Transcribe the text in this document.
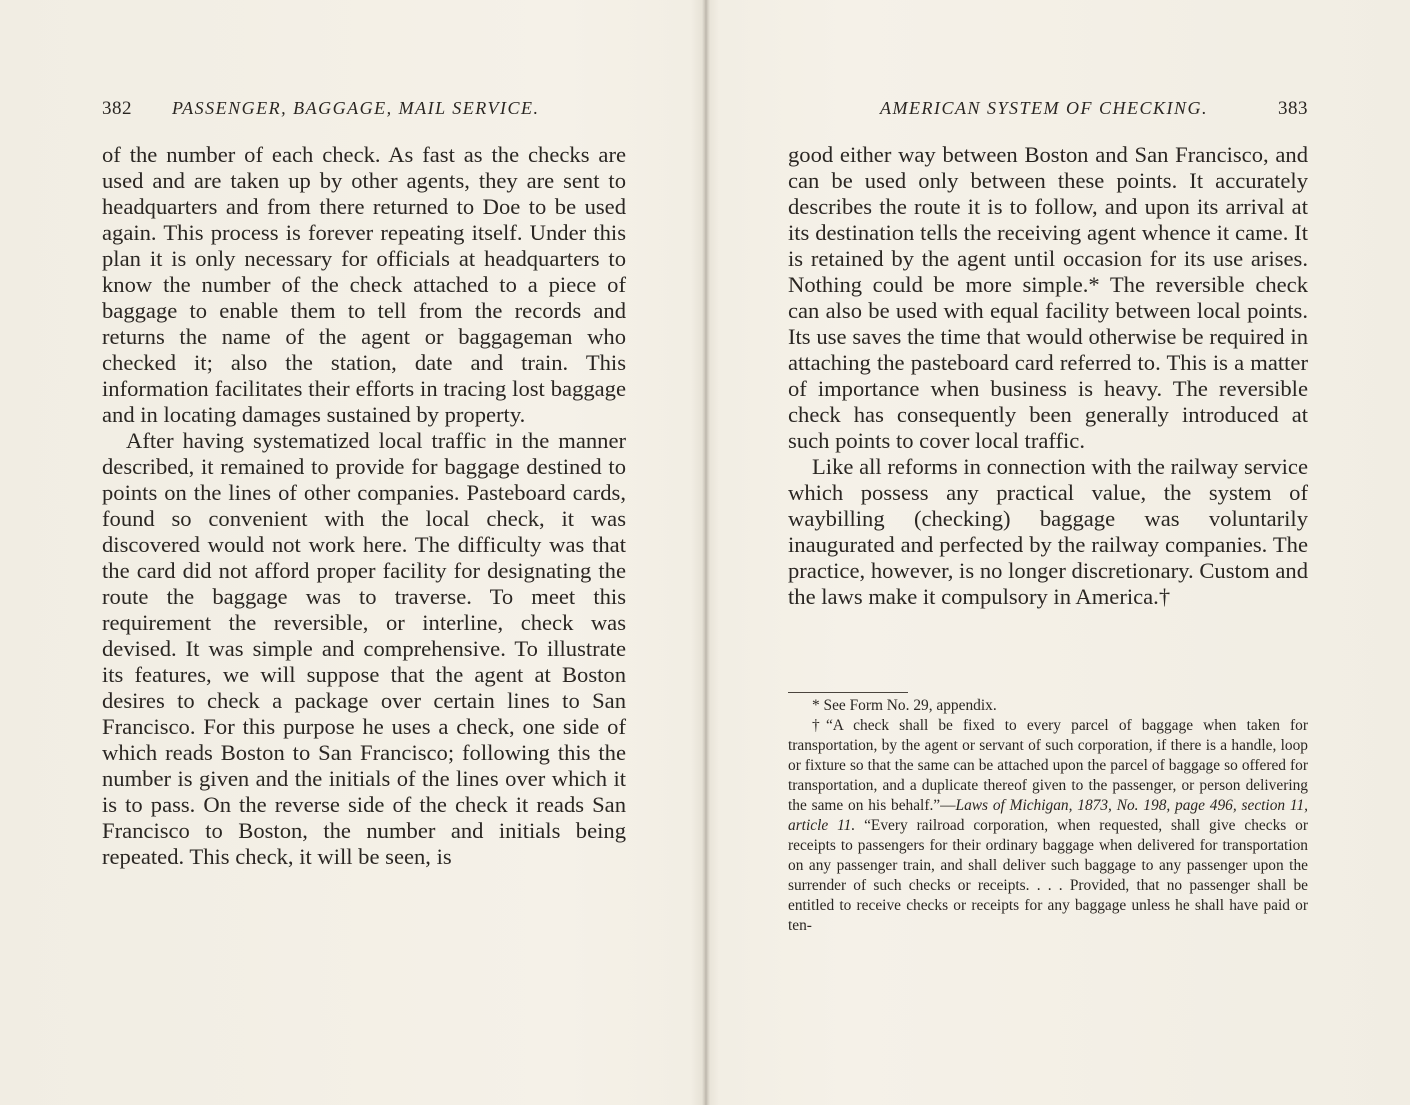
382 PASSENGER, BAGGAGE, MAIL SERVICE.

of the number of each check. As fast as the checks are used and are taken up by other agents, they are sent to headquarters and from there returned to Doe to be used again. This process is forever repeating itself. Under this plan it is only necessary for officials at headquarters to know the number of the check attached to a piece of baggage to enable them to tell from the records and returns the name of the agent or baggageman who checked it; also the station, date and train. This information facilitates their efforts in tracing lost baggage and in locating damages sustained by property.

After having systematized local traffic in the manner described, it remained to provide for baggage destined to points on the lines of other companies. Pasteboard cards, found so convenient with the local check, it was discovered would not work here. The difficulty was that the card did not afford proper facility for designating the route the baggage was to traverse. To meet this requirement the reversible, or interline, check was devised. It was simple and comprehensive. To illustrate its features, we will suppose that the agent at Boston desires to check a package over certain lines to San Francisco. For this purpose he uses a check, one side of which reads Boston to San Francisco; following this the number is given and the initials of the lines over which it is to pass. On the reverse side of the check it reads San Francisco to Boston, the number and initials being repeated. This check, it will be seen, is

AMERICAN SYSTEM OF CHECKING.	383

good either way between Boston and San Francisco, and can be used only between these points. It accurately describes the route it is to follow, and upon its arrival at its destination tells the receiving agent whence it came. It is retained by the agent until occasion for its use arises. Nothing could be more simple.* The reversible check can also be used with equal facility between local points. Its use saves the time that would otherwise be required in attaching the pasteboard card referred to. This is a matter of importance when business is heavy. The reversible check has consequently been generally introduced at such points to cover local traffic.

Like all reforms in connection with the railway service which possess any practical value, the system of waybilling (checking) baggage was voluntarily inaugurated and perfected by the railway companies. The practice, however, is no longer discretionary. Custom and the laws make it compulsory in America.†

* See Form No. 29, appendix.

†“A check shall be fixed to every parcel of baggage when taken for transportation, by the agent or servant of such corporation, if there is a handle, loop or fixture so that the same can be attached upon the parcel of baggage so offered for transportation, and a duplicate thereof given to the passenger, or person delivering the same on his behalf.”—Laws of Michigan, 1873, No. 198, page 496, section 11, article 11. “Every railroad corporation, when requested, shall give checks or receipts to passengers for their ordinary baggage when delivered for transportation on any passenger train, and shall deliver such baggage to any passenger upon the surrender of such checks or receipts. . . . Provided, that no passenger shall be entitled to receive checks or receipts for any baggage unless he shall have paid or ten-
